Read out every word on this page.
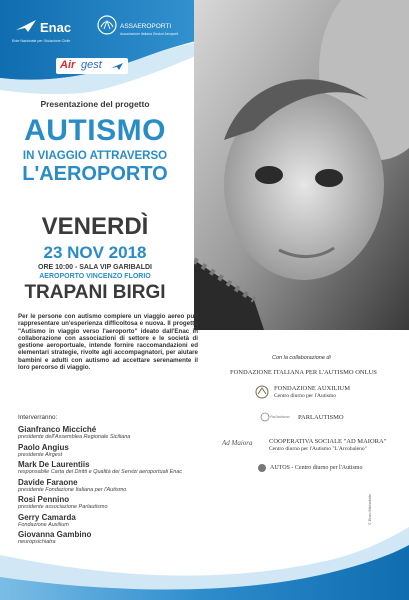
Enac
Ente Nazionale per l'Aviazione Civile
ASSAEROPORTI
Associazione Italiana Gestori Aeroporti
Air gest
Presentazione del progetto
AUTISMO
IN VIAGGIO ATTRAVERSO
L'AEROPORTO
VENERDÌ
23 NOV 2018
ORE 10:00 - SALA VIP GARIBALDI
AEROPORTO VINCENZO FLORIO
TRAPANI BIRGI
Per le persone con autismo compiere un viaggio aereo può rappresentare un'esperienza difficoltosa e nuova. Il progetto "Autismo in viaggio verso l'aeroporto" ideato dall'Enac in collaborazione con associazioni di settore e le società di gestione aeroportuale, intende fornire raccomandazioni ed elementari strategie, rivolte agli accompagnatori, per aiutare bambini e adulti con autismo ad accettare serenamente il loro percorso di viaggio.
Interverranno:
Gianfranco Micciché
presidente dell'Assemblea Regionale Siciliana
Paolo Angius
presidente Airgest
Mark De Laurentiis
responsabile Carta dei Diritti e Qualità dei Servizi aeroportuali Enac
Davide Faraone
presidente Fondazione Italiana per l'Autismo
Rosi Pennino
presidente associazione Parlautismo
Gerry Camarda
Fondazione Auxilium
Giovanna Gambino
neuropsichiatra
Con la collaborazione di
FONDAZIONE ITALIANA PER L'AUTISMO ONLUS
FONDAZIONE AUXILIUM
Centro diurno per l'Autismo
Parl'autismo PARLAUTISMO
Ad Maiora	COOPERATIVA SOCIALE "AD MAIORA"
Centro diurno per l'Autismo "L'Arcobaleno"
AUTOS - Centro diurno per l'Autismo
© Enzo Michelotto
